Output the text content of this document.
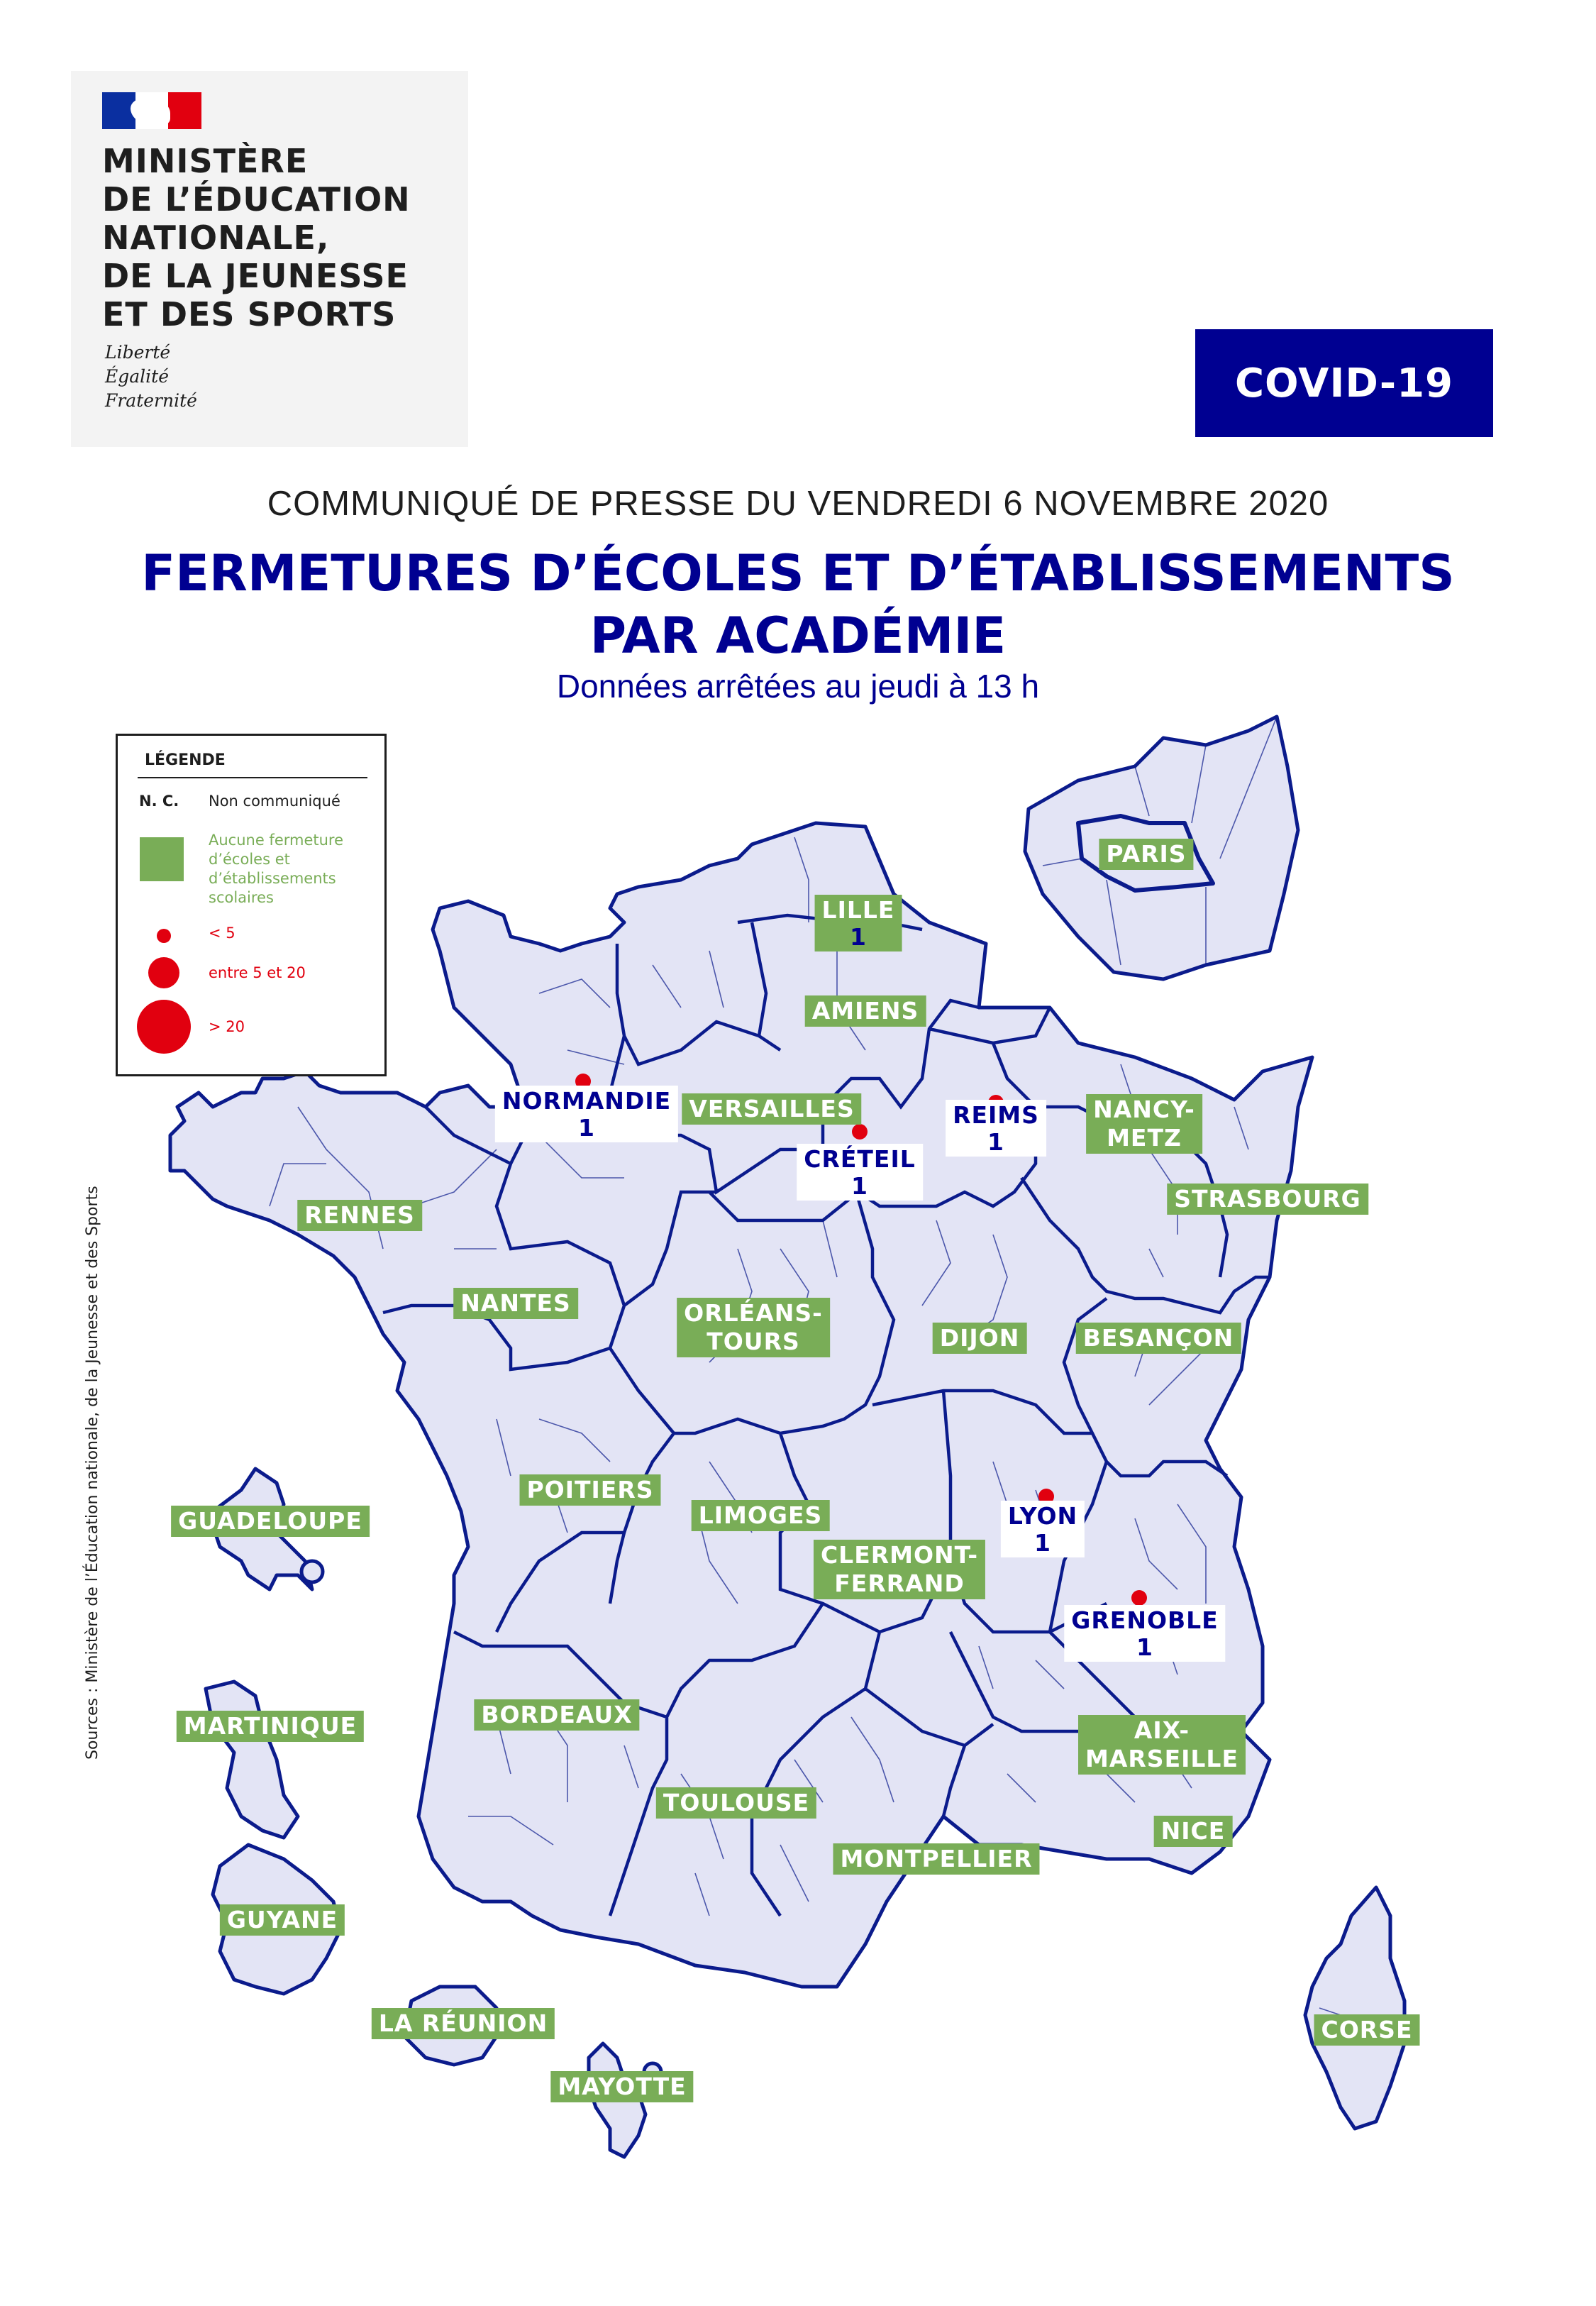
MINISTÈRE
DE L’ÉDUCATION
NATIONALE,
DE LA JEUNESSE
ET DES SPORTS
Liberté
Égalité
Fraternité	COVID-19
COMMUNIQUÉ DE PRESSE DU VENDREDI 6 NOVEMBRE 2020
FERMETURES D’ÉCOLES ET D’ÉTABLISSEMENTS
PAR ACADÉMIE
Données arrêtées au jeudi à 13 h
LÉGENDE
N. C. Non communiqué
Aucune fermeture d’écoles et d’établissements scolaires
< 5
entre 5 et 20
> 20
PARIS
LILLE
1
AMIENS
NORMANDIE
1
VERSAILLES
CRÉTEIL
1
REIMS
1
NANCY-
METZ
STRASBOURG
RENNES
NANTES	ORLÉANS-
TOURS	DIJON	BESANÇON
POITIERS
LIMOGES
CLERMONT-
FERRAND
LYON
1
GRENOBLE
1
BORDEAUX
TOULOUSE
MONTPELLIER
AIX-
MARSEILLE
NICE
CORSE
GUADELOUPE
MARTINIQUE
GUYANE
LA RÉUNION
MAYOTTE
Sources : Ministère de l’Éducation nationale, de la Jeunesse et des Sports
